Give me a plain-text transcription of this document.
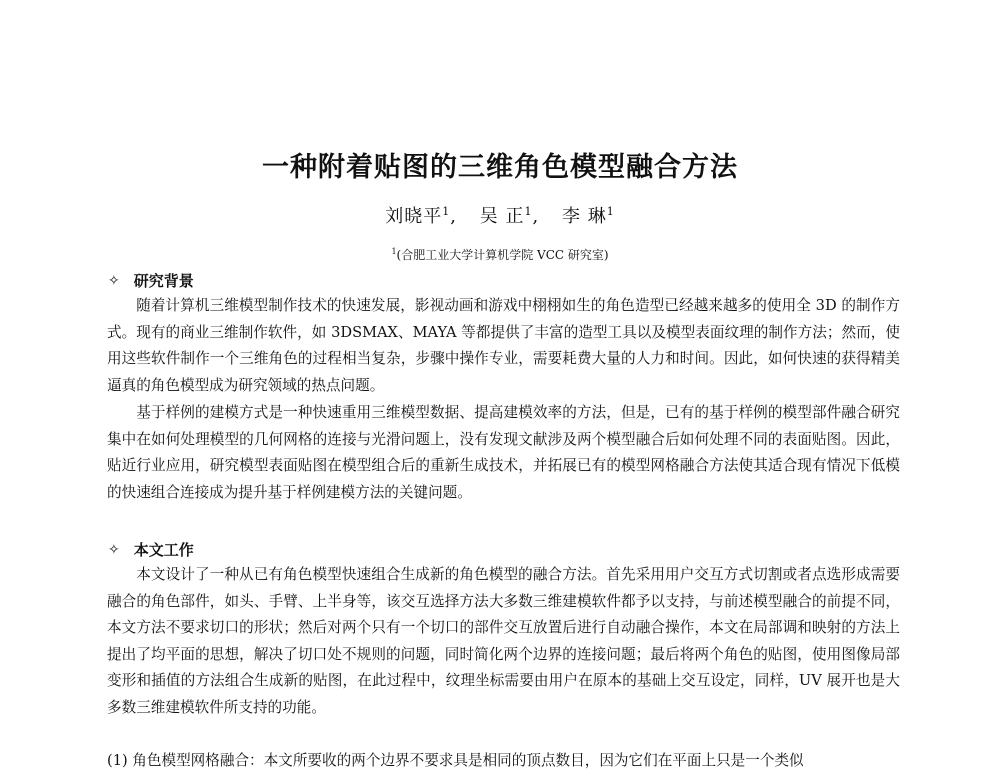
一种附着贴图的三维角色模型融合方法
刘晓平$^1$, 吴 正$^1$, 李 琳$^1$
$^1$(合肥工业大学计算机学院 VCC 研究室)
✧ 研究背景

随着计算机三维模型制作技术的快速发展，影视动画和游戏中栩栩如生的角色造型已经越来越多的使用全 3D 的制作方式。现有的商业三维制作软件，如 3DSMAX、MAYA 等都提供了丰富的造型工具以及模型表面纹理的制作方法；然而，使用这些软件制作一个三维角色的过程相当复杂，步骤中操作专业，需要耗费大量的人力和时间。因此，如何快速的获得精美逼真的角色模型成为研究领域的热点问题。

基于样例的建模方式是一种快速重用三维模型数据、提高建模效率的方法，但是，已有的基于样例的模型部件融合研究集中在如何处理模型的几何网格的连接与光滑问题上，没有发现文献涉及两个模型融合后如何处理不同的表面贴图。因此，贴近行业应用，研究模型表面贴图在模型组合后的重新生成技术，并拓展已有的模型网格融合方法使其适合现有情况下低模的快速组合连接成为提升基于样例建模方法的关键问题。

✧ 本文工作

本文设计了一种从已有角色模型快速组合生成新的角色模型的融合方法。首先采用用户交互方式切割或者点选形成需要融合的角色部件，如头、手臂、上半身等，该交互选择方法大多数三维建模软件都予以支持，与前述模型融合的前提不同，本文方法不要求切口的形状；然后对两个只有一个切口的部件交互放置后进行自动融合操作，本文在局部调和映射的方法上提出了均平面的思想，解决了切口处不规则的问题，同时简化两个边界的连接问题；最后将两个角色的贴图，使用图像局部变形和插值的方法组合生成新的贴图，在此过程中，纹理坐标需要由用户在原本的基础上交互设定，同样，UV 展开也是大多数三维建模软件所支持的功能。

(1) 角色模型网格融合：本文所要收的两个边界不要求具是相同的顶点数目，因为它们在平面上只是一个类似
